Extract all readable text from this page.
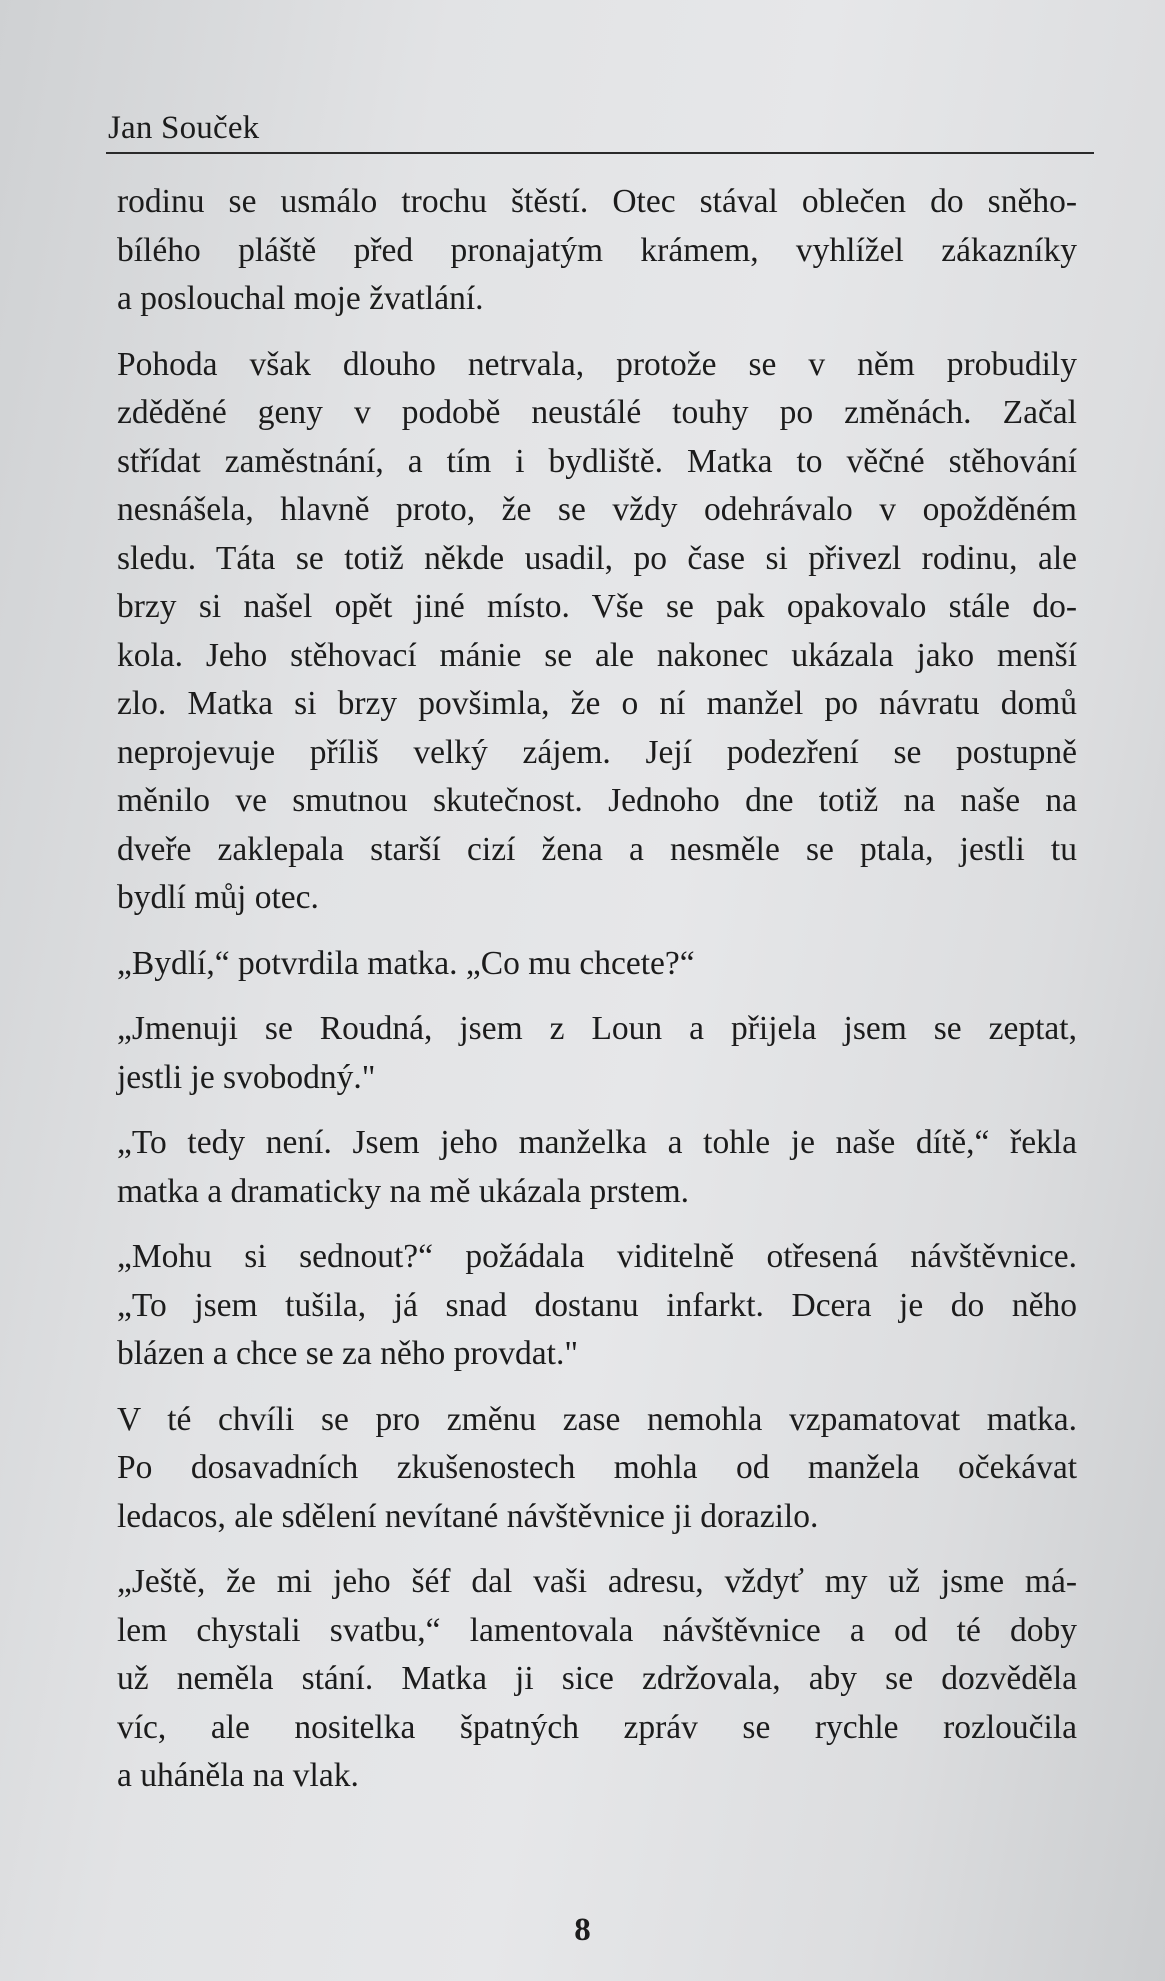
Jan Souček

rodinu se usmálo trochu štěstí. Otec stával oblečen do sněho-
bílého pláště před pronajatým krámem, vyhlížel zákazníky
a poslouchal moje žvatlání.

Pohoda však dlouho netrvala, protože se v něm probudily
zděděné geny v podobě neustálé touhy po změnách. Začal
střídat zaměstnání, a tím i bydliště. Matka to věčné stěhování
nesnášela, hlavně proto, že se vždy odehrávalo v opožděném
sledu. Táta se totiž někde usadil, po čase si přivezl rodinu, ale
brzy si našel opět jiné místo. Vše se pak opakovalo stále do-
kola. Jeho stěhovací mánie se ale nakonec ukázala jako menší
zlo. Matka si brzy povšimla, že o ní manžel po návratu domů
neprojevuje příliš velký zájem. Její podezření se postupně
měnilo ve smutnou skutečnost. Jednoho dne totiž na naše na
dveře zaklepala starší cizí žena a nesměle se ptala, jestli tu
bydlí můj otec.

„Bydlí,“ potvrdila matka. „Co mu chcete?“

„Jmenuji se Roudná, jsem z Loun a přijela jsem se zeptat,
jestli je svobodný."

„To tedy není. Jsem jeho manželka a tohle je naše dítě,“ řekla
matka a dramaticky na mě ukázala prstem.

„Mohu si sednout?“ požádala viditelně otřesená návštěvnice.
„To jsem tušila, já snad dostanu infarkt. Dcera je do něho
blázen a chce se za něho provdat."

V té chvíli se pro změnu zase nemohla vzpamatovat matka.
Po dosavadních zkušenostech mohla od manžela očekávat
ledacos, ale sdělení nevítané návštěvnice ji dorazilo.

„Ještě, že mi jeho šéf dal vaši adresu, vždyť my už jsme má-
lem chystali svatbu,“ lamentovala návštěvnice a od té doby
už neměla stání. Matka ji sice zdržovala, aby se dozvěděla
víc, ale nositelka špatných zpráv se rychle rozloučila
a uháněla na vlak.

8
